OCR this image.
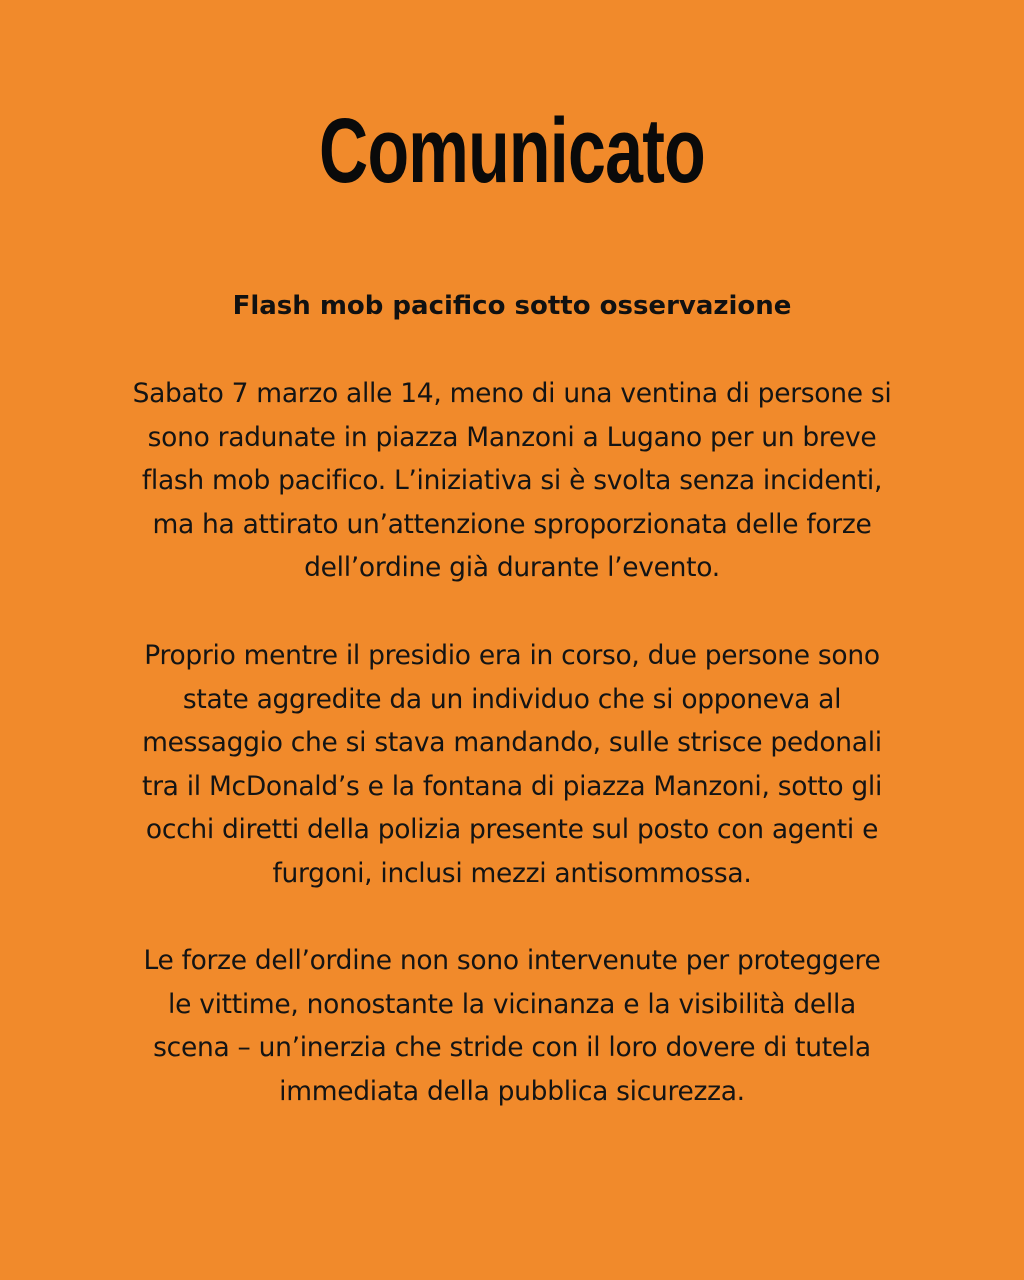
Comunicato
Flash mob pacifico sotto osservazione

Sabato 7 marzo alle 14, meno di una ventina di persone si
sono radunate in piazza Manzoni a Lugano per un breve
flash mob pacifico. L’iniziativa si è svolta senza incidenti,
ma ha attirato un’attenzione sproporzionata delle forze
dell’ordine già durante l’evento.

Proprio mentre il presidio era in corso, due persone sono
state aggredite da un individuo che si opponeva al
messaggio che si stava mandando, sulle strisce pedonali
tra il McDonald’s e la fontana di piazza Manzoni, sotto gli
occhi diretti della polizia presente sul posto con agenti e
furgoni, inclusi mezzi antisommossa.

Le forze dell’ordine non sono intervenute per proteggere
le vittime, nonostante la vicinanza e la visibilità della
scena – un’inerzia che stride con il loro dovere di tutela
immediata della pubblica sicurezza.
